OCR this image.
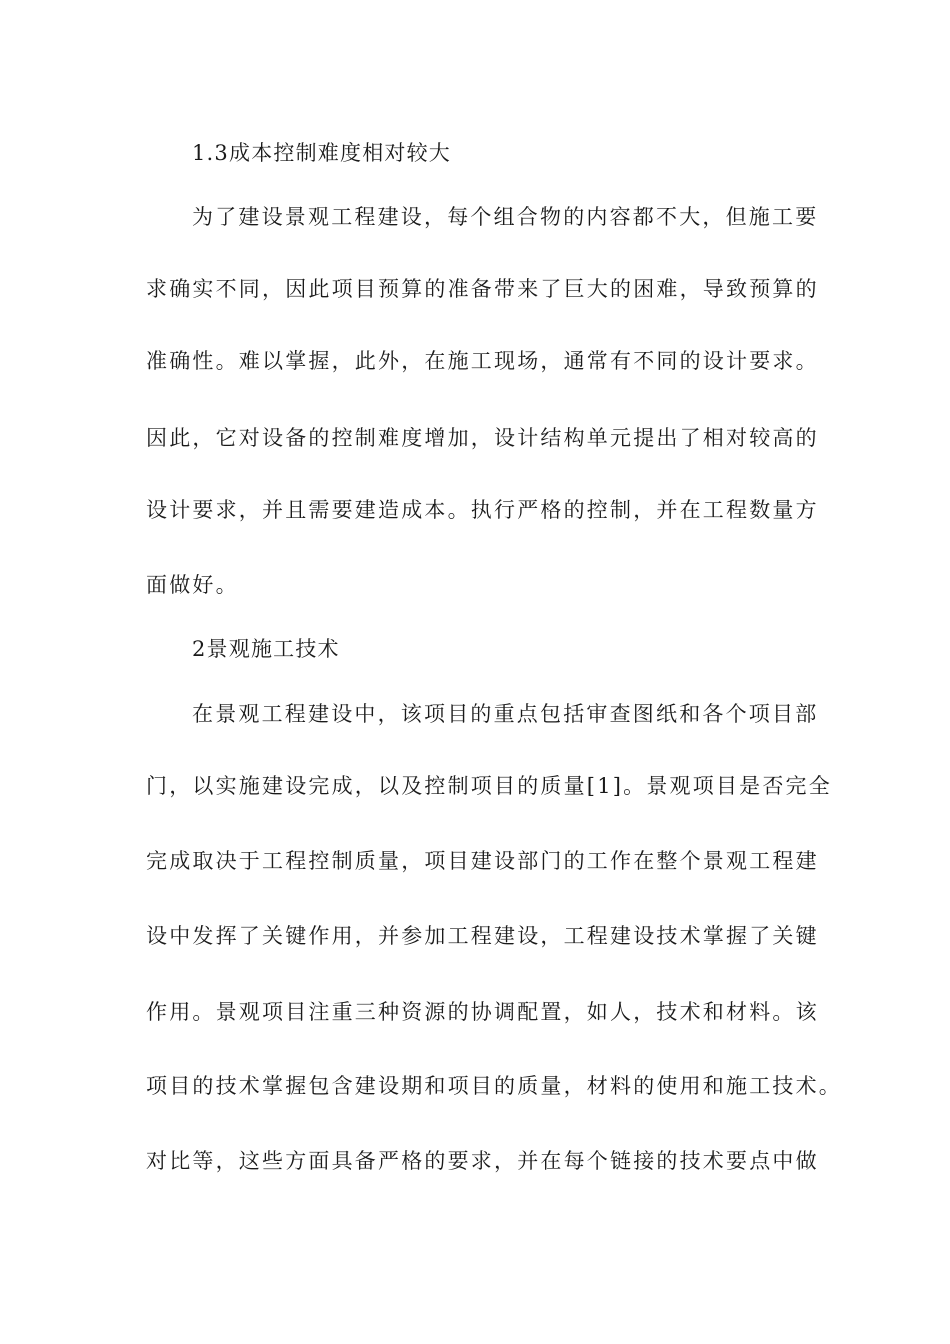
1.3成本控制难度相对较大
为了建设景观工程建设，每个组合物的内容都不大，但施工要
求确实不同，因此项目预算的准备带来了巨大的困难，导致预算的
准确性。难以掌握，此外，在施工现场，通常有不同的设计要求。
因此，它对设备的控制难度增加，设计结构单元提出了相对较高的
设计要求，并且需要建造成本。执行严格的控制，并在工程数量方
面做好。
2景观施工技术
在景观工程建设中，该项目的重点包括审查图纸和各个项目部
门，以实施建设完成，以及控制项目的质量[1]。景观项目是否完全
完成取决于工程控制质量，项目建设部门的工作在整个景观工程建
设中发挥了关键作用，并参加工程建设，工程建设技术掌握了关键
作用。景观项目注重三种资源的协调配置，如人，技术和材料。该
项目的技术掌握包含建设期和项目的质量，材料的使用和施工技术。
对比等，这些方面具备严格的要求，并在每个链接的技术要点中做
